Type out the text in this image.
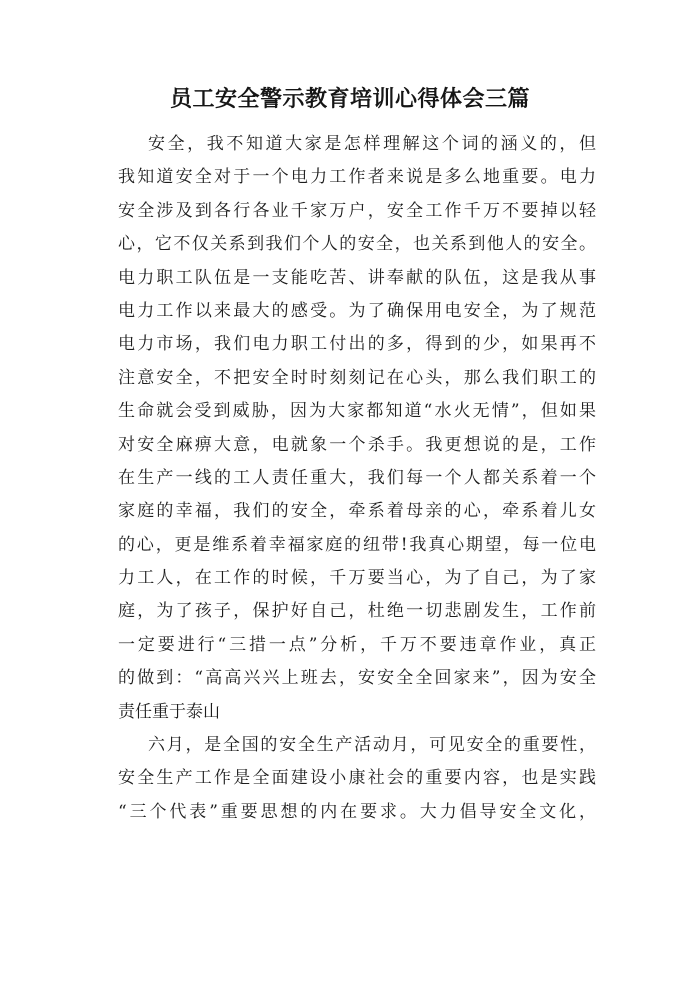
员工安全警示教育培训心得体会三篇
安全，我不知道大家是怎样理解这个词的涵义的，但
我知道安全对于一个电力工作者来说是多么地重要。电力
安全涉及到各行各业千家万户，安全工作千万不要掉以轻
心，它不仅关系到我们个人的安全，也关系到他人的安全。
电力职工队伍是一支能吃苦、讲奉献的队伍，这是我从事
电力工作以来最大的感受。为了确保用电安全，为了规范
电力市场，我们电力职工付出的多，得到的少，如果再不
注意安全，不把安全时时刻刻记在心头，那么我们职工的
生命就会受到威胁，因为大家都知道“水火无情”，但如果
对安全麻痹大意，电就象一个杀手。我更想说的是，工作
在生产一线的工人责任重大，我们每一个人都关系着一个
家庭的幸福，我们的安全，牵系着母亲的心，牵系着儿女
的心，更是维系着幸福家庭的纽带!我真心期望，每一位电
力工人，在工作的时候，千万要当心，为了自己，为了家
庭，为了孩子，保护好自己，杜绝一切悲剧发生，工作前
一定要进行“三措一点”分析，千万不要违章作业，真正
的做到：“高高兴兴上班去，安安全全回家来”，因为安全
责任重于泰山
六月，是全国的安全生产活动月，可见安全的重要性，
安全生产工作是全面建设小康社会的重要内容，也是实践
“三个代表”重要思想的内在要求。大力倡导安全文化，
